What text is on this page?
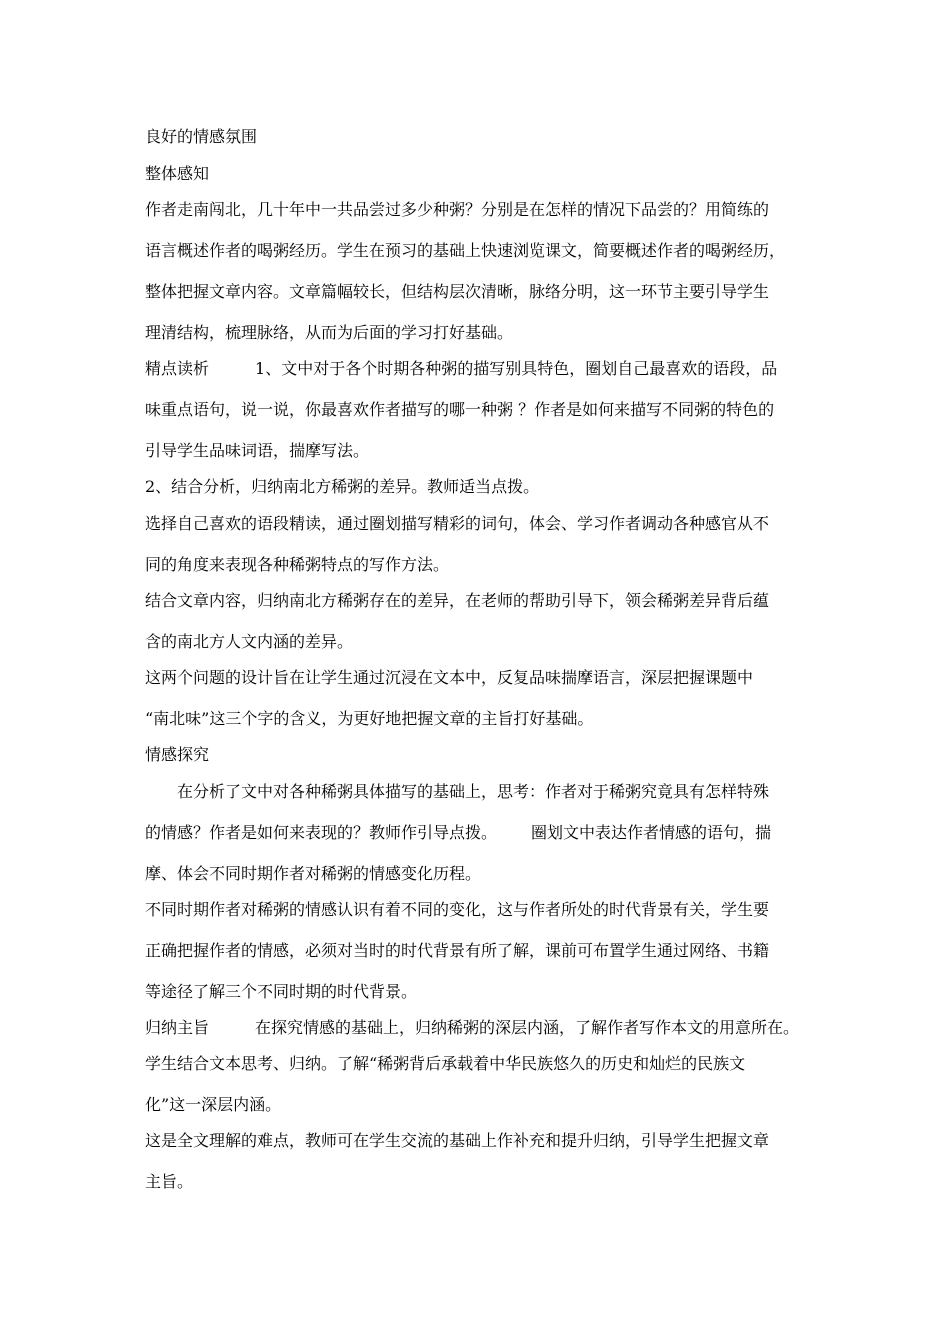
良好的情感氛围
整体感知
作者走南闯北，几十年中一共品尝过多少种粥？分别是在怎样的情况下品尝的？用简练的
语言概述作者的喝粥经历。学生在预习的基础上快速浏览课文，简要概述作者的喝粥经历，
整体把握文章内容。文章篇幅较长，但结构层次清晰，脉络分明，这一环节主要引导学生
理清结构，梳理脉络，从而为后面的学习打好基础。
精点读析	1、文中对于各个时期各种粥的描写别具特色，圈划自己最喜欢的语段，品
味重点语句，说一说，你最喜欢作者描写的哪一种粥 ？作者是如何来描写不同粥的特色的
引导学生品味词语，揣摩写法。
2、结合分析，归纳南北方稀粥的差异。教师适当点拨。
选择自己喜欢的语段精读，通过圈划描写精彩的词句，体会、学习作者调动各种感官从不
同的角度来表现各种稀粥特点的写作方法。
结合文章内容，归纳南北方稀粥存在的差异，在老师的帮助引导下，领会稀粥差异背后蕴
含的南北方人文内涵的差异。
这两个问题的设计旨在让学生通过沉浸在文本中，反复品味揣摩语言，深层把握课题中
“南北味”这三个字的含义，为更好地把握文章的主旨打好基础。
情感探究
在分析了文中对各种稀粥具体描写的基础上，思考：作者对于稀粥究竟具有怎样特殊
的情感？作者是如何来表现的？教师作引导点拨。 圈划文中表达作者情感的语句，揣
摩、体会不同时期作者对稀粥的情感变化历程。
不同时期作者对稀粥的情感认识有着不同的变化，这与作者所处的时代背景有关，学生要
正确把握作者的情感，必须对当时的时代背景有所了解，课前可布置学生通过网络、书籍
等途径了解三个不同时期的时代背景。
归纳主旨	在探究情感的基础上，归纳稀粥的深层内涵，了解作者写作本文的用意所在。
学生结合文本思考、归纳。了解“稀粥背后承载着中华民族悠久的历史和灿烂的民族文
化”这一深层内涵。
这是全文理解的难点，教师可在学生交流的基础上作补充和提升归纳，引导学生把握文章
主旨。
